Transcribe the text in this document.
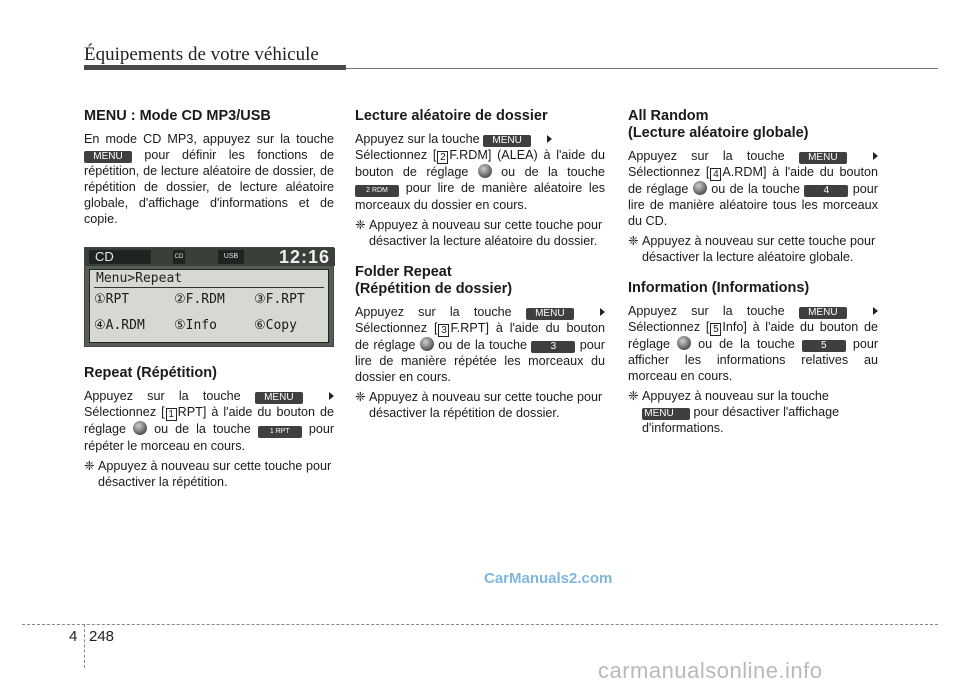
Équipements de votre véhicule
MENU : Mode CD MP3/USB

En mode CD MP3, appuyez sur la touche MENU pour définir les fonctions de répétition, de lecture aléatoire de dossier, de répétition de dossier, de lecture aléatoire globale, d'affichage d'informations et de copie.

CD	CD	USB	12:16
Menu>Repeat
①RPT	②F.RDM ③F.RPT
④A.RDM ⑤Info	⑥Copy
Repeat (Répétition)

Appuyez sur la touche MENU  Sélectionnez [ 1 RPT] à l'aide du bouton de réglage ou de la touche	1 RPT pour répéter le morceau en cours.

❈ Appuyez à nouveau sur cette touche pour désactiver la répétition.

Lecture aléatoire de dossier

Appuyez sur la touche MENU
Sélectionnez [ 2 F.RDM] (ALEA) à l'aide du bouton de réglage	ou de la touche 2 RDM pour lire de manière aléatoire les morceaux du dossier en cours.

❈ Appuyez à nouveau sur cette touche pour désactiver la lecture aléatoire du dossier.

Folder Repeat
(Répétition de dossier)

Appuyez sur la touche MENU  Sélectionnez [ 3 F.RPT] à l'aide du bouton de réglage ou de la touche 3 pour lire de manière répétée les morceaux du dossier en cours.

❈ Appuyez à nouveau sur cette touche pour désactiver la répétition de dossier.

All Random
(Lecture aléatoire globale)

Appuyez sur la touche MENU  Sélectionnez [ 4 A.RDM] à l'aide du bouton de réglage ou de la touche 4 pour lire de manière aléatoire tous les morceaux du CD.

❈ Appuyez à nouveau sur cette touche pour désactiver la lecture aléatoire globale.

Information (Informations)

Appuyez sur la touche MENU  Sélectionnez [ 5 Info] à l'aide du bouton de réglage ou de la touche	5 pour afficher les informations relatives au morceau en cours.

❈ Appuyez à nouveau sur la touche MENU pour désactiver l'affichage d'informations.

CarManuals2.com
4 248
carmanualsonline.info
